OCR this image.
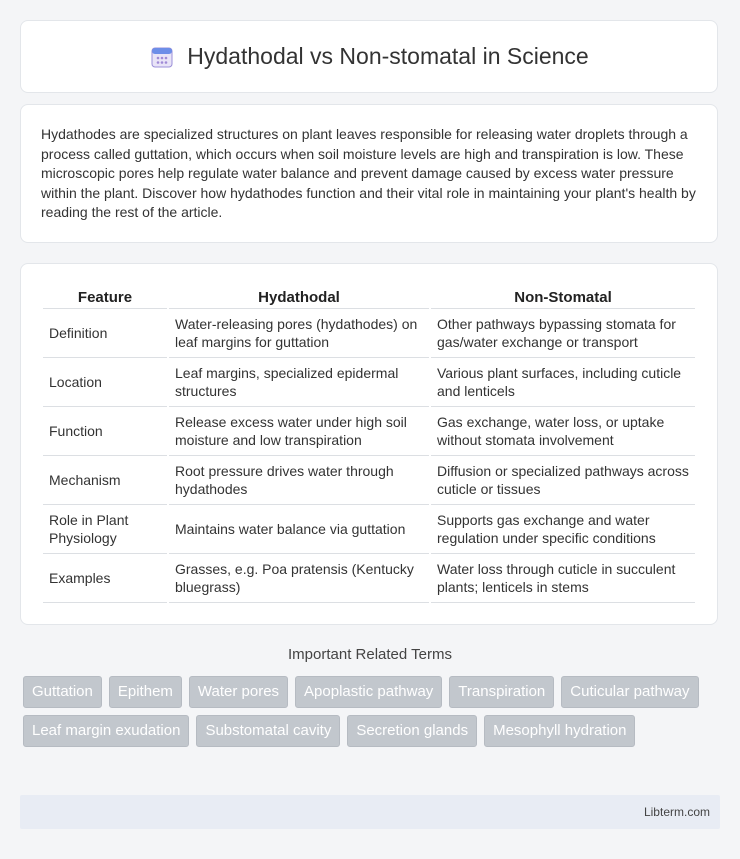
Hydathodal vs Non-stomatal in Science

Hydathodes are specialized structures on plant leaves responsible for releasing water droplets through a process called guttation, which occurs when soil moisture levels are high and transpiration is low. These microscopic pores help regulate water balance and prevent damage caused by excess water pressure within the plant. Discover how hydathodes function and their vital role in maintaining your plant's health by reading the rest of the article.

Feature	Hydathodal	Non-Stomatal
Definition	Water-releasing pores (hydathodes) on leaf margins for guttation	Other pathways bypassing stomata for gas/water exchange or transport
Location	Leaf margins, specialized epidermal structures	Various plant surfaces, including cuticle and lenticels
Function	Release excess water under high soil moisture and low transpiration	Gas exchange, water loss, or uptake without stomata involvement
Mechanism	Root pressure drives water through hydathodes	Diffusion or specialized pathways across cuticle or tissues
Role in Plant Physiology	Maintains water balance via guttation	Supports gas exchange and water regulation under specific conditions
Examples	Grasses, e.g. Poa pratensis (Kentucky bluegrass)	Water loss through cuticle in succulent plants; lenticels in stems
Important Related Terms
Guttation	Epithem	Water pores	Apoplastic pathway	Transpiration	Cuticular pathway
Leaf margin exudation	Substomatal cavity	Secretion glands	Mesophyll hydration
Libterm.com
